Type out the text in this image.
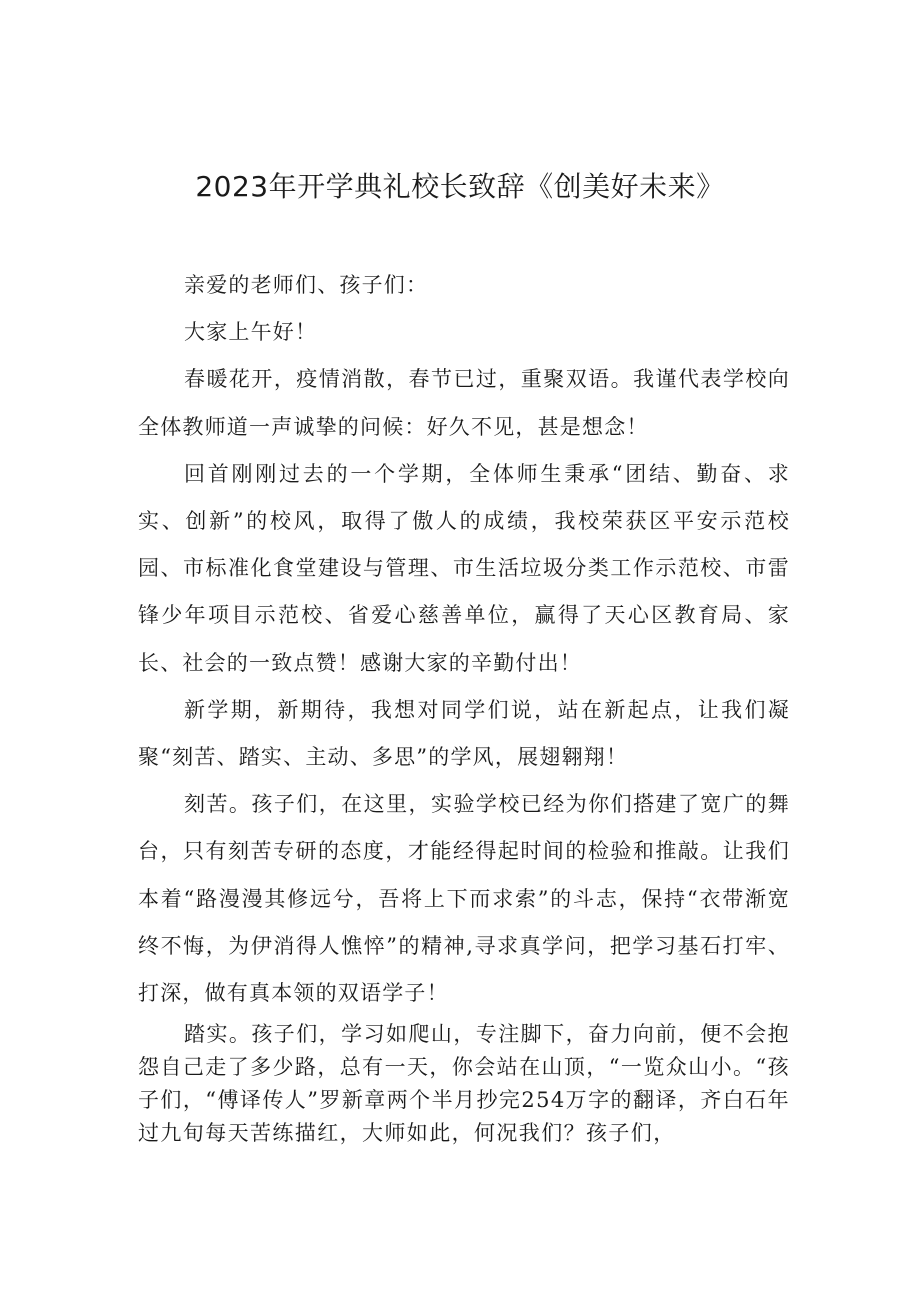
2023年开学典礼校长致辞《创美好未来》

亲爱的老师们、孩子们：

大家上午好！

春暖花开，疫情消散，春节已过，重聚双语。我谨代表学校向全体教师道一声诚挚的问候：好久不见，甚是想念！

回首刚刚过去的一个学期，全体师生秉承“团结、勤奋、求实、创新”的校风，取得了傲人的成绩，我校荣获区平安示范校园、市标准化食堂建设与管理、市生活垃圾分类工作示范校、市雷锋少年项目示范校、省爱心慈善单位，赢得了天心区教育局、家长、社会的一致点赞！感谢大家的辛勤付出！

新学期，新期待，我想对同学们说，站在新起点，让我们凝聚“刻苦、踏实、主动、多思”的学风，展翅翱翔！

刻苦。孩子们，在这里，实验学校已经为你们搭建了宽广的舞台，只有刻苦专研的态度，才能经得起时间的检验和推敲。让我们本着“路漫漫其修远兮，吾将上下而求索”的斗志，保持“衣带渐宽终不悔，为伊消得人憔悴”的精神,寻求真学问，把学习基石打牢、打深，做有真本领的双语学子！

踏实。孩子们，学习如爬山，专注脚下，奋力向前，便不会抱怨自己走了多少路，总有一天，你会站在山顶，“一览众山小。“孩子们，“傅译传人”罗新章两个半月抄完254万字的翻译，齐白石年过九旬每天苦练描红，大师如此，何况我们？孩子们，
